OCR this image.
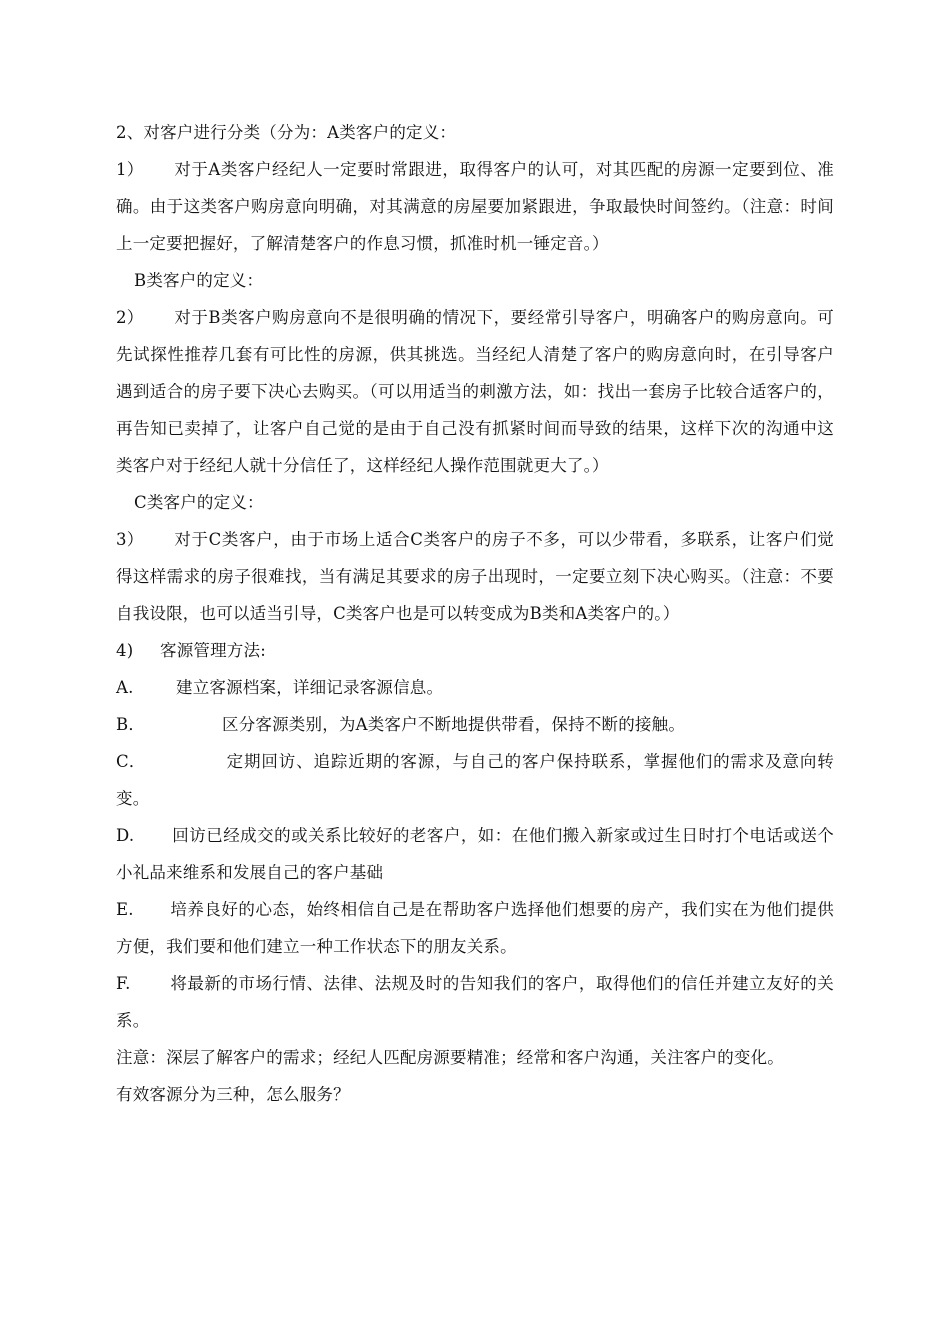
2、对客户进行分类（分为：A类客户的定义：

1） 对于A类客户经纪人一定要时常跟进，取得客户的认可，对其匹配的房源一定要到位、准确。由于这类客户购房意向明确，对其满意的房屋要加紧跟进，争取最快时间签约。（注意：时间上一定要把握好，了解清楚客户的作息习惯，抓准时机一锤定音。）

B类客户的定义：

2） 对于B类客户购房意向不是很明确的情况下，要经常引导客户，明确客户的购房意向。可先试探性推荐几套有可比性的房源，供其挑选。当经纪人清楚了客户的购房意向时，在引导客户遇到适合的房子要下决心去购买。（可以用适当的刺激方法，如：找出一套房子比较合适客户的，再告知已卖掉了，让客户自己觉的是由于自己没有抓紧时间而导致的结果，这样下次的沟通中这类客户对于经纪人就十分信任了，这样经纪人操作范围就更大了。）

C类客户的定义：

3） 对于C类客户，由于市场上适合C类客户的房子不多，可以少带看，多联系，让客户们觉得这样需求的房子很难找，当有满足其要求的房子出现时，一定要立刻下决心购买。（注意：不要自我设限，也可以适当引导，C类客户也是可以转变成为B类和A类客户的。）

4) 客源管理方法:

A.	建立客源档案，详细记录客源信息。

B．	区分客源类别，为A类客户不断地提供带看，保持不断的接触。

C．	定期回访、追踪近期的客源，与自己的客户保持联系，掌握他们的需求及意向转变。

D. 回访已经成交的或关系比较好的老客户，如：在他们搬入新家或过生日时打个电话或送个小礼品来维系和发展自己的客户基础

E. 培养良好的心态，始终相信自己是在帮助客户选择他们想要的房产，我们实在为他们提供方便，我们要和他们建立一种工作状态下的朋友关系。

F. 将最新的市场行情、法律、法规及时的告知我们的客户，取得他们的信任并建立友好的关系。

注意：深层了解客户的需求；经纪人匹配房源要精准；经常和客户沟通，关注客户的变化。

有效客源分为三种，怎么服务？
